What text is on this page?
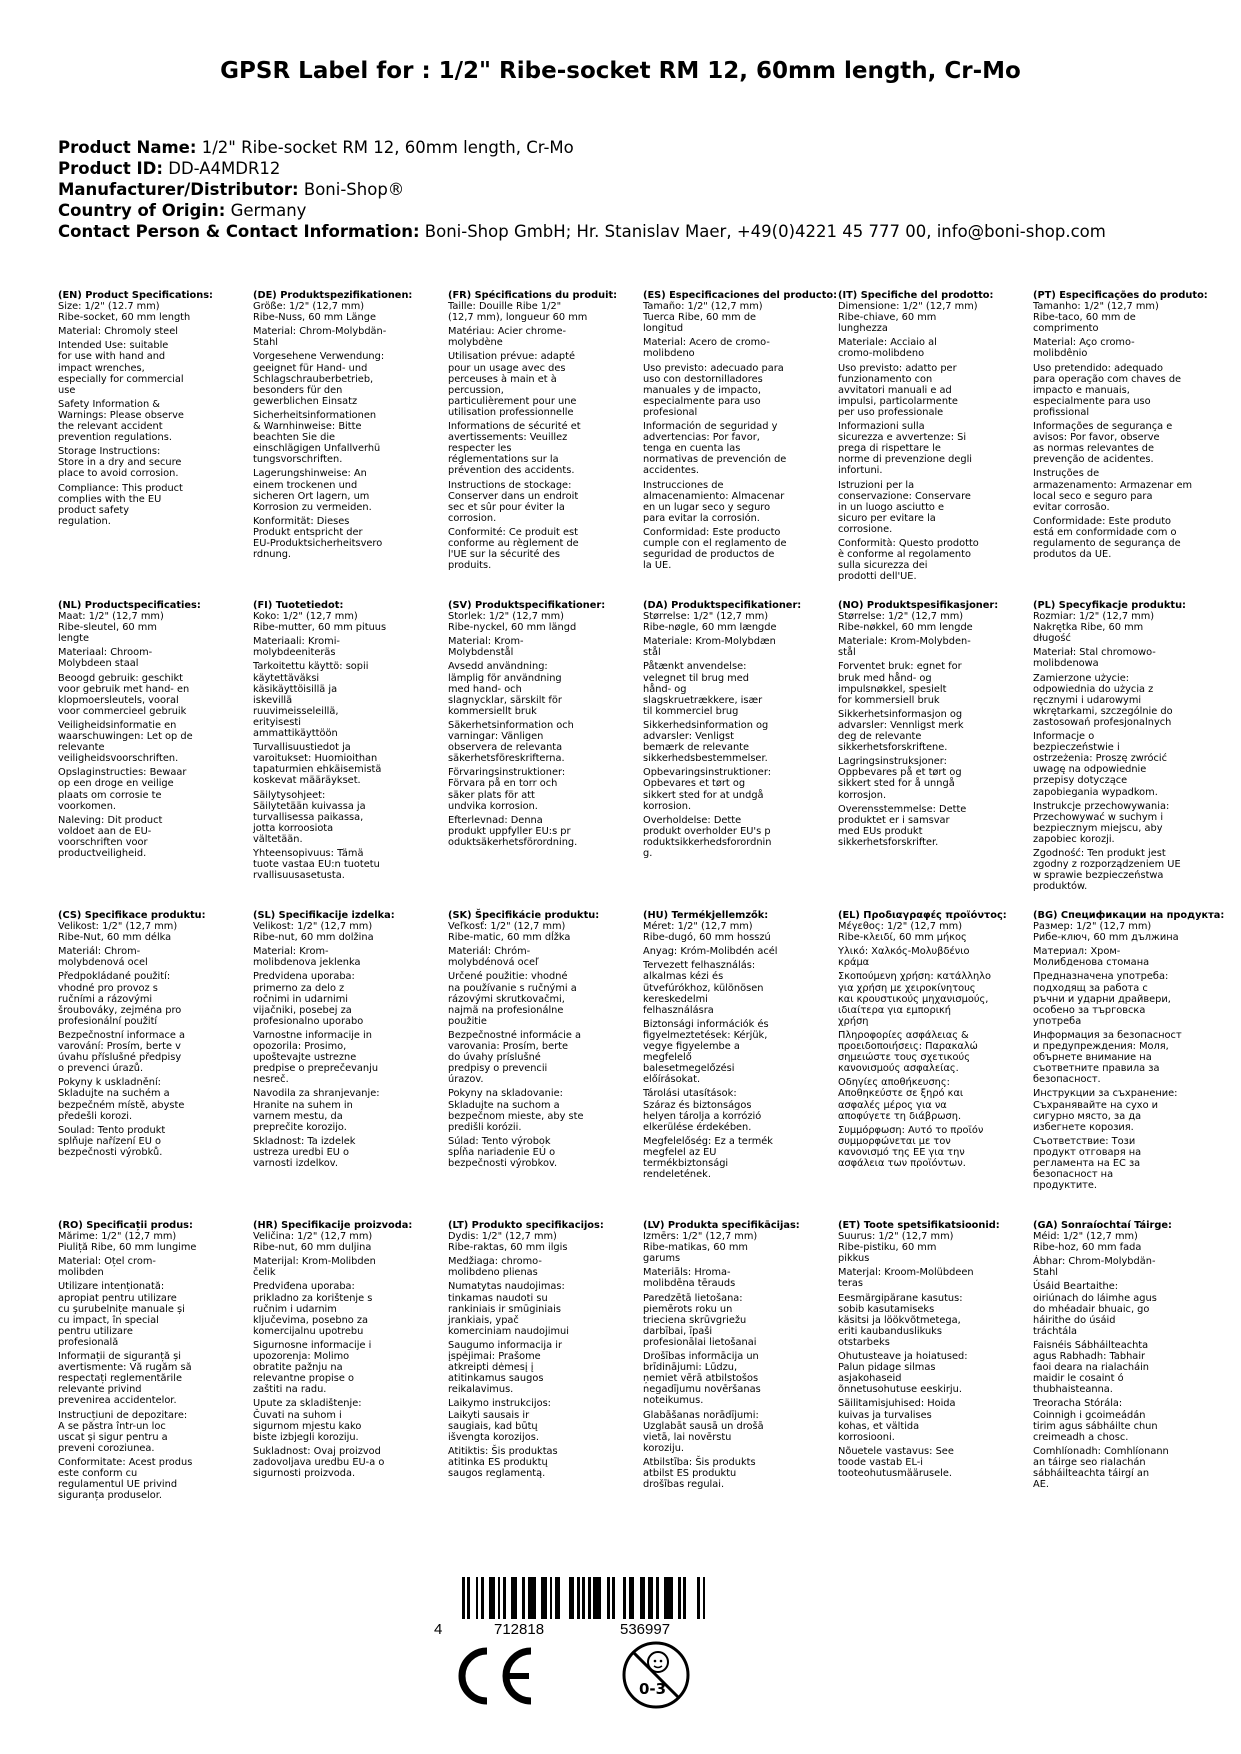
GPSR Label for : 1/2" Ribe-socket RM 12, 60mm length, Cr-Mo
Product Name: 1/2" Ribe-socket RM 12, 60mm length, Cr-Mo
Product ID: DD-A4MDR12
Manufacturer/Distributor: Boni-Shop®
Country of Origin: Germany
Contact Person & Contact Information: Boni-Shop GmbH; Hr. Stanislav Maer, +49(0)4221 45 777 00, info@boni-shop.com
(EN) Product Specifications:

Size: 1/2" (12.7 mm)
Ribe-socket, 60 mm length

Material: Chromoly steel

Intended Use: suitable
for use with hand and
impact wrenches,
especially for commercial
use

Safety Information &
Warnings: Please observe
the relevant accident
prevention regulations.

Storage Instructions:
Store in a dry and secure
place to avoid corrosion.

Compliance: This product
complies with the EU
product safety
regulation.

(DE) Produktspezifikationen:

Größe: 1/2" (12,7 mm)
Ribe-Nuss, 60 mm Länge

Material: Chrom-Molybdän-
Stahl

Vorgesehene Verwendung:
geeignet für Hand- und
Schlagschrauberbetrieb,
besonders für den
gewerblichen Einsatz

Sicherheitsinformationen
& Warnhinweise: Bitte
beachten Sie die
einschlägigen Unfallverhü
tungsvorschriften.

Lagerungshinweise: An
einem trockenen und
sicheren Ort lagern, um
Korrosion zu vermeiden.

Konformität: Dieses
Produkt entspricht der
EU-Produktsicherheitsvero
rdnung.

(FR) Spécifications du produit:

Taille: Douille Ribe 1/2"
(12,7 mm), longueur 60 mm

Matériau: Acier chrome-
molybdène

Utilisation prévue: adapté
pour un usage avec des
perceuses à main et à
percussion,
particulièrement pour une
utilisation professionnelle

Informations de sécurité et
avertissements: Veuillez
respecter les
réglementations sur la
prévention des accidents.

Instructions de stockage:
Conserver dans un endroit
sec et sûr pour éviter la
corrosion.

Conformité: Ce produit est
conforme au règlement de
l'UE sur la sécurité des
produits.

(ES) Especificaciones del producto:

Tamaño: 1/2" (12,7 mm)
Tuerca Ribe, 60 mm de
longitud

Material: Acero de cromo-
molibdeno

Uso previsto: adecuado para
uso con destornilladores
manuales y de impacto,
especialmente para uso
profesional

Información de seguridad y
advertencias: Por favor,
tenga en cuenta las
normativas de prevención de
accidentes.

Instrucciones de
almacenamiento: Almacenar
en un lugar seco y seguro
para evitar la corrosión.

Conformidad: Este producto
cumple con el reglamento de
seguridad de productos de
la UE.

(IT) Specifiche del prodotto:

Dimensione: 1/2" (12,7 mm)
Ribe-chiave, 60 mm
lunghezza

Materiale: Acciaio al
cromo-molibdeno

Uso previsto: adatto per
funzionamento con
avvitatori manuali e ad
impulsi, particolarmente
per uso professionale

Informazioni sulla
sicurezza e avvertenze: Si
prega di rispettare le
norme di prevenzione degli
infortuni.

Istruzioni per la
conservazione: Conservare
in un luogo asciutto e
sicuro per evitare la
corrosione.

Conformità: Questo prodotto
è conforme al regolamento
sulla sicurezza dei
prodotti dell'UE.

(PT) Especificações do produto:

Tamanho: 1/2" (12,7 mm)
Ribe-taco, 60 mm de
comprimento

Material: Aço cromo-
molibdênio

Uso pretendido: adequado
para operação com chaves de
impacto e manuais,
especialmente para uso
profissional

Informações de segurança e
avisos: Por favor, observe
as normas relevantes de
prevenção de acidentes.

Instruções de
armazenamento: Armazenar em
local seco e seguro para
evitar corrosão.

Conformidade: Este produto
está em conformidade com o
regulamento de segurança de
produtos da UE.

(NL) Productspecificaties:

Maat: 1/2" (12,7 mm)
Ribe-sleutel, 60 mm
lengte

Materiaal: Chroom-
Molybdeen staal

Beoogd gebruik: geschikt
voor gebruik met hand- en
klopmoersleutels, vooral
voor commercieel gebruik

Veiligheidsinformatie en
waarschuwingen: Let op de
relevante
veiligheidsvoorschriften.

Opslaginstructies: Bewaar
op een droge en veilige
plaats om corrosie te
voorkomen.

Naleving: Dit product
voldoet aan de EU-
voorschriften voor
productveiligheid.

(FI) Tuotetiedot:

Koko: 1/2" (12,7 mm)
Ribe-mutter, 60 mm pituus

Materiaali: Kromi-
molybdeeniteräs

Tarkoitettu käyttö: sopii
käytettäväksi
käsikäyttöisillä ja
iskevillä
ruuvimeisseleillä,
erityisesti
ammattikäyttöön

Turvallisuustiedot ja
varoitukset: Huomioithan
tapaturmien ehkäisemistä
koskevat määräykset.

Säilytysohjeet:
Säilytetään kuivassa ja
turvallisessa paikassa,
jotta korroosiota
vältetään.

Yhteensopivuus: Tämä
tuote vastaa EU:n tuotetu
rvallisuusasetusta.

(SV) Produktspecifikationer:

Storlek: 1/2" (12,7 mm)
Ribe-nyckel, 60 mm längd

Material: Krom-
Molybdenstål

Avsedd användning:
lämplig för användning
med hand- och
slagnycklar, särskilt för
kommersiellt bruk

Säkerhetsinformation och
varningar: Vänligen
observera de relevanta
säkerhetsföreskrifterna.

Förvaringsinstruktioner:
Förvara på en torr och
säker plats för att
undvika korrosion.

Efterlevnad: Denna
produkt uppfyller EU:s pr
oduktsäkerhetsförordning.

(DA) Produktspecifikationer:

Størrelse: 1/2" (12,7 mm)
Ribe-nøgle, 60 mm længde

Materiale: Krom-Molybdæn
stål

Påtænkt anvendelse:
velegnet til brug med
hånd- og
slagskruetrækkere, især
til kommerciel brug

Sikkerhedsinformation og
advarsler: Venligst
bemærk de relevante
sikkerhedsbestemmelser.

Opbevaringsinstruktioner:
Opbevares et tørt og
sikkert sted for at undgå
korrosion.

Overholdelse: Dette
produkt overholder EU's p
roduktsikkerhedsforordnin
g.

(NO) Produktspesifikasjoner:

Størrelse: 1/2" (12,7 mm)
Ribe-nøkkel, 60 mm lengde

Materiale: Krom-Molybden-
stål

Forventet bruk: egnet for
bruk med hånd- og
impulsnøkkel, spesielt
for kommersiell bruk

Sikkerhetsinformasjon og
advarsler: Vennligst merk
deg de relevante
sikkerhetsforskriftene.

Lagringsinstruksjoner:
Oppbevares på et tørt og
sikkert sted for å unngå
korrosjon.

Overensstemmelse: Dette
produktet er i samsvar
med EUs produkt
sikkerhetsforskrifter.

(PL) Specyfikacje produktu:

Rozmiar: 1/2" (12,7 mm)
Nakrętka Ribe, 60 mm
długość

Materiał: Stal chromowo-
molibdenowa

Zamierzone użycie:
odpowiednia do użycia z
ręcznymi i udarowymi
wkrętarkami, szczególnie do
zastosowań profesjonalnych

Informacje o
bezpieczeństwie i
ostrzeżenia: Proszę zwrócić
uwagę na odpowiednie
przepisy dotyczące
zapobiegania wypadkom.

Instrukcje przechowywania:
Przechowywać w suchym i
bezpiecznym miejscu, aby
zapobiec korozji.

Zgodność: Ten produkt jest
zgodny z rozporządzeniem UE
w sprawie bezpieczeństwa
produktów.

(CS) Specifikace produktu:

Velikost: 1/2" (12,7 mm)
Ribe-Nut, 60 mm délka

Materiál: Chrom-
molybdenová ocel

Předpokládané použití:
vhodné pro provoz s
ručními a rázovými
šroubováky, zejména pro
profesionální použití

Bezpečnostní informace a
varování: Prosím, berte v
úvahu příslušné předpisy
o prevenci úrazů.

Pokyny k uskladnění:
Skladujte na suchém a
bezpečném místě, abyste
předešli korozi.

Soulad: Tento produkt
splňuje nařízení EU o
bezpečnosti výrobků.

(SL) Specifikacije izdelka:

Velikost: 1/2" (12,7 mm)
Ribe-nut, 60 mm dolžina

Material: Krom-
molibdenova jeklenka

Predvidena uporaba:
primerno za delo z
ročnimi in udarnimi
vijačniki, posebej za
profesionalno uporabo

Varnostne informacije in
opozorila: Prosimo,
upoštevajte ustrezne
predpise o preprečevanju
nesreč.

Navodila za shranjevanje:
Hranite na suhem in
varnem mestu, da
preprečite korozijo.

Skladnost: Ta izdelek
ustreza uredbi EU o
varnosti izdelkov.

(SK) Špecifikácie produktu:

Veľkosť: 1/2" (12,7 mm)
Ribe-matic, 60 mm dĺžka

Materiál: Chróm-
molybdénová oceľ

Určené použitie: vhodné
na používanie s ručnými a
rázovými skrutkovačmi,
najmä na profesionálne
použitie

Bezpečnostné informácie a
varovania: Prosím, berte
do úvahy príslušné
predpisy o prevencii
úrazov.

Pokyny na skladovanie:
Skladujte na suchom a
bezpečnom mieste, aby ste
predišli korózii.

Súlad: Tento výrobok
spĺňa nariadenie EÚ o
bezpečnosti výrobkov.

(HU) Termékjellemzők:

Méret: 1/2" (12,7 mm)
Ribe-dugó, 60 mm hosszú

Anyag: Króm-Molibdén acél

Tervezett felhasználás:
alkalmas kézi és
ütvefúrókhoz, különösen
kereskedelmi
felhasználásra

Biztonsági információk és
figyelmeztetések: Kérjük,
vegye figyelembe a
megfelelő
balesetmegelőzési
előírásokat.

Tárolási utasítások:
Száraz és biztonságos
helyen tárolja a korrózió
elkerülése érdekében.

Megfelelőség: Ez a termék
megfelel az EU
termékbiztonsági
rendeletének.

(EL) Προδιαγραφές προϊόντος:

Μέγεθος: 1/2" (12,7 mm)
Ribe-κλειδί, 60 mm μήκος

Υλικό: Χαλκός-Μολυβδένιο
κράμα

Σκοπούμενη χρήση: κατάλληλο
για χρήση με χειροκίνητους
και κρουστικούς μηχανισμούς,
ιδιαίτερα για εμπορική
χρήση

Πληροφορίες ασφάλειας &
προειδοποιήσεις: Παρακαλώ
σημειώστε τους σχετικούς
κανονισμούς ασφαλείας.

Οδηγίες αποθήκευσης:
Αποθηκεύστε σε ξηρό και
ασφαλές μέρος για να
αποφύγετε τη διάβρωση.

Συμμόρφωση: Αυτό το προϊόν
συμμορφώνεται με τον
κανονισμό της ΕΕ για την
ασφάλεια των προϊόντων.

(BG) Спецификации на продукта:

Размер: 1/2" (12,7 mm)
Рибе-ключ, 60 mm дължина

Материал: Хром-
Молибденова стомана

Предназначена употреба:
подходящ за работа с
ръчни и ударни драйвери,
особено за търговска
употреба

Информация за безопасност
и предупреждения: Моля,
обърнете внимание на
съответните правила за
безопасност.

Инструкции за съхранение:
Съхранявайте на сухо и
сигурно място, за да
избегнете корозия.

Съответствие: Този
продукт отговаря на
регламента на ЕС за
безопасност на
продуктите.

(RO) Specificații produs:

Mărime: 1/2" (12,7 mm)
Piuliță Ribe, 60 mm lungime

Material: Oțel crom-
molibden

Utilizare intenționată:
apropiat pentru utilizare
cu șurubelnițe manuale și
cu impact, în special
pentru utilizare
profesională

Informații de siguranță și
avertismente: Vă rugăm să
respectați reglementările
relevante privind
prevenirea accidentelor.

Instrucțiuni de depozitare:
A se păstra într-un loc
uscat și sigur pentru a
preveni coroziunea.

Conformitate: Acest produs
este conform cu
regulamentul UE privind
siguranța produselor.

(HR) Specifikacije proizvoda:

Veličina: 1/2" (12,7 mm)
Ribe-nut, 60 mm duljina

Materijal: Krom-Molibden
čelik

Predviđena uporaba:
prikladno za korištenje s
ručnim i udarnim
ključevima, posebno za
komercijalnu upotrebu

Sigurnosne informacije i
upozorenja: Molimo
obratite pažnju na
relevantne propise o
zaštiti na radu.

Upute za skladištenje:
Čuvati na suhom i
sigurnom mjestu kako
biste izbjegli koroziju.

Sukladnost: Ovaj proizvod
zadovoljava uredbu EU-a o
sigurnosti proizvoda.

(LT) Produkto specifikacijos:

Dydis: 1/2" (12,7 mm)
Ribe-raktas, 60 mm ilgis

Medžiaga: chromo-
molibdeno plienas

Numatytas naudojimas:
tinkamas naudoti su
rankiniais ir smūginiais
jrankiais, ypač
komerciniam naudojimui

Saugumo informacija ir
įspėjimai: Prašome
atkreipti dėmesį į
atitinkamus saugos
reikalavimus.

Laikymo instrukcijos:
Laikyti sausais ir
saugiais, kad būtų
išvengta korozijos.

Atitiktis: Šis produktas
atitinka ES produktų
saugos reglamentą.

(LV) Produkta specifikācijas:

Izmērs: 1/2" (12,7 mm)
Ribe-matikas, 60 mm
garums

Materiāls: Hroma-
molibdēna tērauds

Paredzētā lietošana:
piemērots roku un
trieciena skrūvgriežu
darbībai, īpaši
profesionālai lietošanai

Drošības informācija un
brīdinājumi: Lūdzu,
ņemiet vērā atbilstošos
negadījumu novēršanas
noteikumus.

Glabāšanas norādījumi:
Uzglabāt sausā un drošā
vietā, lai novērstu
koroziju.

Atbilstība: Šis produkts
atbilst ES produktu
drošības regulai.

(ET) Toote spetsifikatsioonid:

Suurus: 1/2" (12,7 mm)
Ribe-pistiku, 60 mm
pikkus

Materjal: Kroom-Molübdeen
teras

Eesmärgipärane kasutus:
sobib kasutamiseks
käsitsi ja löökvõtmetega,
eriti kaubanduslikuks
otstarbeks

Ohutusteave ja hoiatused:
Palun pidage silmas
asjakohaseid
õnnetusohutuse eeskirju.

Säilitamisjuhised: Hoida
kuivas ja turvalises
kohas, et vältida
korrosiooni.

Nõuetele vastavus: See
toode vastab EL-i
tooteohutusmäärusele.

(GA) Sonraíochtaí Táirge:

Méid: 1/2" (12,7 mm)
Ribe-hoz, 60 mm fada

Ábhar: Chrom-Molybdän-
Stahl

Úsáid Beartaithe:
oiriúnach do láimhe agus
do mhéadair bhuaic, go
háirithe do úsáid
tráchtála

Faisnéis Sábháilteachta
agus Rabhadh: Tabhair
faoi deara na rialacháin
maidir le cosaint ó
thubhaisteanna.

Treoracha Stórála:
Coinnigh i gcoimeádán
tirim agus sábháilte chun
creimeadh a chosc.

Comhlíonadh: Comhlíonann
an táirge seo rialachán
sábháilteachta táirgí an
AE.

4	712818	536997
0-3
